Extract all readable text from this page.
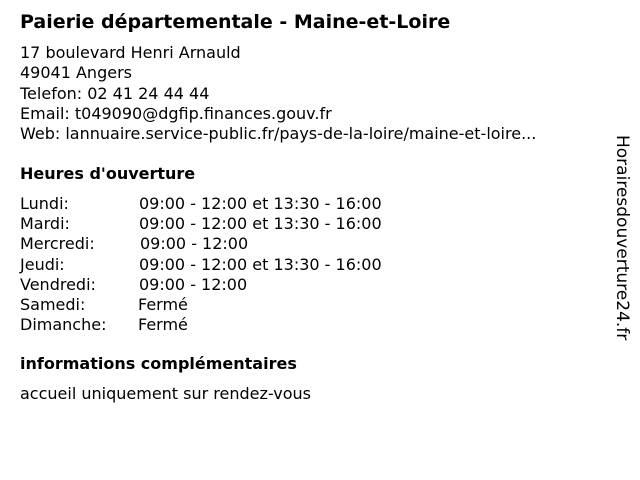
Paierie départementale - Maine-et-Loire
17 boulevard Henri Arnauld
49041 Angers
Telefon: 02 41 24 44 44
Email: t049090@dgfip.finances.gouv.fr
Web: lannuaire.service-public.fr/pays-de-la-loire/maine-et-loire...
Heures d'ouverture
Lundi:	09:00 - 12:00 et 13:30 - 16:00
Mardi:	09:00 - 12:00 et 13:30 - 16:00
Mercredi:	09:00 - 12:00
Jeudi:	09:00 - 12:00 et 13:30 - 16:00
Vendredi:	09:00 - 12:00
Samedi:	Fermé
Dimanche: Fermé
informations complémentaires
accueil uniquement sur rendez-vous
Horairesdouverture24.fr
